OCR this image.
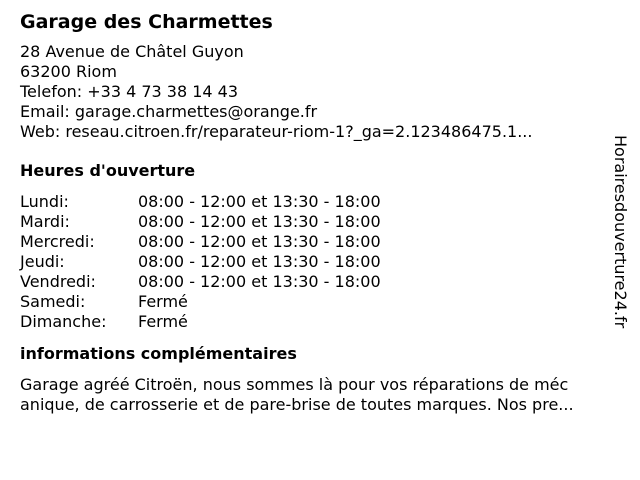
Garage des Charmettes
28 Avenue de Châtel Guyon
63200 Riom
Telefon: +33 4 73 38 14 43
Email: garage.charmettes@orange.fr
Web: reseau.citroen.fr/reparateur-riom-1?_ga=2.123486475.1...
Heures d'ouverture
Lundi:	08:00 - 12:00 et 13:30 - 18:00
Mardi:	08:00 - 12:00 et 13:30 - 18:00
Mercredi:	08:00 - 12:00 et 13:30 - 18:00
Jeudi:	08:00 - 12:00 et 13:30 - 18:00
Vendredi:	08:00 - 12:00 et 13:30 - 18:00
Samedi:	Fermé
Dimanche:	Fermé
informations complémentaires
Garage agréé Citroën, nous sommes là pour vos réparations de méc
anique, de carrosserie et de pare-brise de toutes marques. Nos pre...
Horairesdouverture24.fr
